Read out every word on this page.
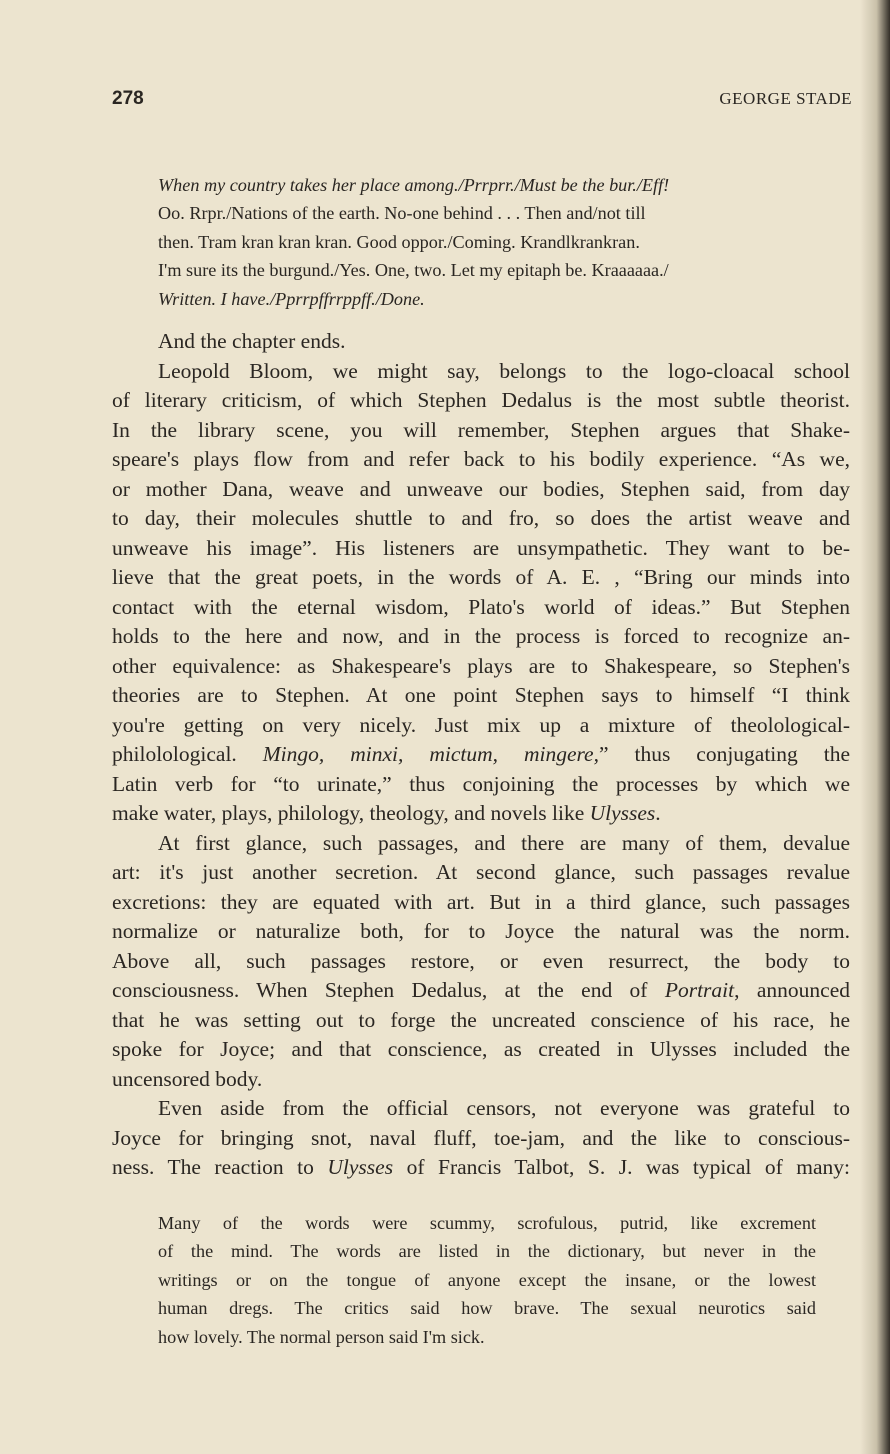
278	GEORGE STADE
When my country takes her place among./Prrprr./Must be the bur./Eff!
Oo. Rrpr./Nations of the earth. No-one behind . . . Then and/not till
then. Tram kran kran kran. Good oppor./Coming. Krandlkrankran.
I'm sure its the burgund./Yes. One, two. Let my epitaph be. Kraaaaaa./
Written. I have./Pprrpffrrppff./Done.

And the chapter ends.

Leopold Bloom, we might say, belongs to the logo-cloacal school
of literary criticism, of which Stephen Dedalus is the most subtle theorist.
In the library scene, you will remember, Stephen argues that Shake-
speare's plays flow from and refer back to his bodily experience. “As we,
or mother Dana, weave and unweave our bodies, Stephen said, from day
to day, their molecules shuttle to and fro, so does the artist weave and
unweave his image”. His listeners are unsympathetic. They want to be-
lieve that the great poets, in the words of A. E. , “Bring our minds into
contact with the eternal wisdom, Plato's world of ideas.” But Stephen
holds to the here and now, and in the process is forced to recognize an-
other equivalence: as Shakespeare's plays are to Shakespeare, so Stephen's
theories are to Stephen. At one point Stephen says to himself “I think
you're getting on very nicely. Just mix up a mixture of theolological-
philolological. Mingo, minxi, mictum, mingere,” thus conjugating the
Latin verb for “to urinate,” thus conjoining the processes by which we
make water, plays, philology, theology, and novels like Ulysses.

At first glance, such passages, and there are many of them, devalue
art: it's just another secretion. At second glance, such passages revalue
excretions: they are equated with art. But in a third glance, such passages
normalize or naturalize both, for to Joyce the natural was the norm.
Above all, such passages restore, or even resurrect, the body to
consciousness. When Stephen Dedalus, at the end of Portrait, announced
that he was setting out to forge the uncreated conscience of his race, he
spoke for Joyce; and that conscience, as created in Ulysses included the
uncensored body.

Even aside from the official censors, not everyone was grateful to
Joyce for bringing snot, naval fluff, toe-jam, and the like to conscious-
ness. The reaction to Ulysses of Francis Talbot, S. J. was typical of many:

Many of the words were scummy, scrofulous, putrid, like excrement
of the mind. The words are listed in the dictionary, but never in the
writings or on the tongue of anyone except the insane, or the lowest
human dregs. The critics said how brave. The sexual neurotics said
how lovely. The normal person said I'm sick.
